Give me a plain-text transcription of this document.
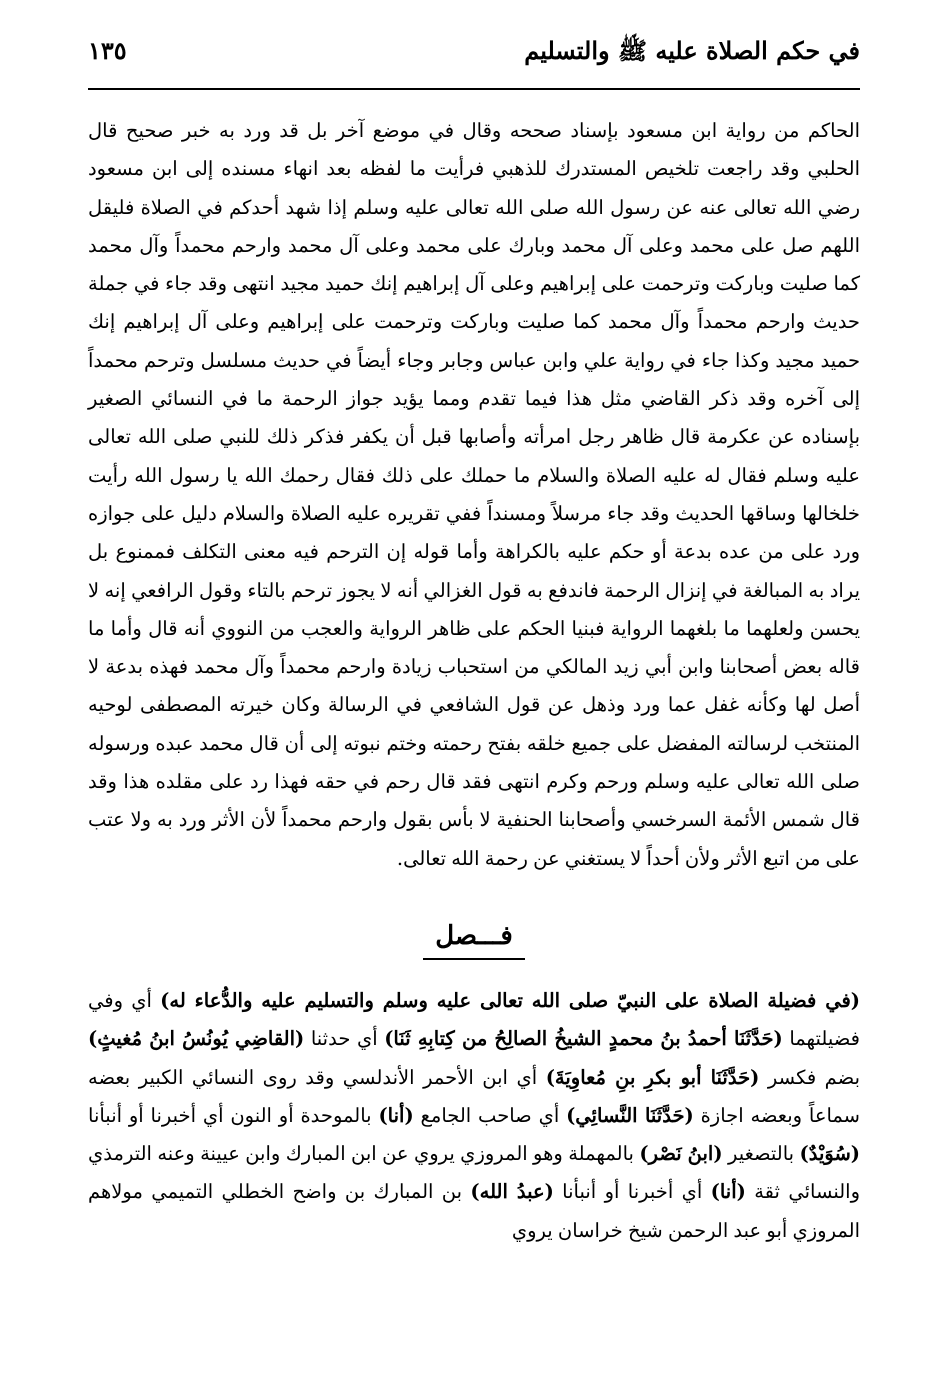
في حكم الصلاة عليه ﷺ والتسليم
١٣٥

الحاكم من رواية ابن مسعود بإسناد صححه وقال في موضع آخر بل قد ورد به خبر صحيح قال الحلبي وقد راجعت تلخيص المستدرك للذهبي فرأيت ما لفظه بعد انهاء مسنده إلى ابن مسعود رضي الله تعالى عنه عن رسول الله صلى الله تعالى عليه وسلم إذا شهد أحدكم في الصلاة فليقل اللهم صل على محمد وعلى آل محمد وبارك على محمد وعلى آل محمد وارحم محمداً وآل محمد كما صليت وباركت وترحمت على إبراهيم وعلى آل إبراهيم إنك حميد مجيد انتهى وقد جاء في جملة حديث وارحم محمداً وآل محمد كما صليت وباركت وترحمت على إبراهيم وعلى آل إبراهيم إنك حميد مجيد وكذا جاء في رواية علي وابن عباس وجابر وجاء أيضاً في حديث مسلسل وترحم محمداً إلى آخره وقد ذكر القاضي مثل هذا فيما تقدم ومما يؤيد جواز الرحمة ما في النسائي الصغير بإسناده عن عكرمة قال ظاهر رجل امرأته وأصابها قبل أن يكفر فذكر ذلك للنبي صلى الله تعالى عليه وسلم فقال له عليه الصلاة والسلام ما حملك على ذلك فقال رحمك الله يا رسول الله رأيت خلخالها وساقها الحديث وقد جاء مرسلاً ومسنداً ففي تقريره عليه الصلاة والسلام دليل على جوازه ورد على من عده بدعة أو حكم عليه بالكراهة وأما قوله إن الترحم فيه معنى التكلف فممنوع بل يراد به المبالغة في إنزال الرحمة فاندفع به قول الغزالي أنه لا يجوز ترحم بالتاء وقول الرافعي إنه لا يحسن ولعلهما ما بلغهما الرواية فبنيا الحكم على ظاهر الرواية والعجب من النووي أنه قال وأما ما قاله بعض أصحابنا وابن أبي زيد المالكي من استحباب زيادة وارحم محمداً وآل محمد فهذه بدعة لا أصل لها وكأنه غفل عما ورد وذهل عن قول الشافعي في الرسالة وكان خيرته المصطفى لوحيه المنتخب لرسالته المفضل على جميع خلقه بفتح رحمته وختم نبوته إلى أن قال محمد عبده ورسوله صلى الله تعالى عليه وسلم ورحم وكرم انتهى فقد قال رحم في حقه فهذا رد على مقلده هذا وقد قال شمس الأئمة السرخسي وأصحابنا الحنفية لا بأس بقول وارحم محمداً لأن الأثر ورد به ولا عتب على من اتبع الأثر ولأن أحداً لا يستغني عن رحمة الله تعالى.

فـــصل

(في فضيلة الصلاة على النبيّ صلى الله تعالى عليه وسلم والتسليم عليه والدُّعاء له) أي وفي فضيلتهما (حَدَّثَنَا أحمدُ بنُ محمدٍ الشيخُ الصالِحُ من كِتابِهِ ثَنَا) أي حدثنا (القاضِي يُونُسُ ابنُ مُغيثٍ) بضم فكسر (حَدَّثَنَا أبو بكرِ بنِ مُعاوِيَةَ) أي ابن الأحمر الأندلسي وقد روى النسائي الكبير بعضه سماعاً وبعضه اجازة (حَدَّثَنَا النَّسائِي) أي صاحب الجامع (أنا) بالموحدة أو النون أي أخبرنا أو أنبأنا (سُوَيْدٌ) بالتصغير (ابنُ نَصْر) بالمهملة وهو المروزي يروي عن ابن المبارك وابن عيينة وعنه الترمذي والنسائي ثقة (أنا) أي أخبرنا أو أنبأنا (عبدُ الله) بن المبارك بن واضح الخطلي التميمي مولاهم المروزي أبو عبد الرحمن شيخ خراسان يروي
